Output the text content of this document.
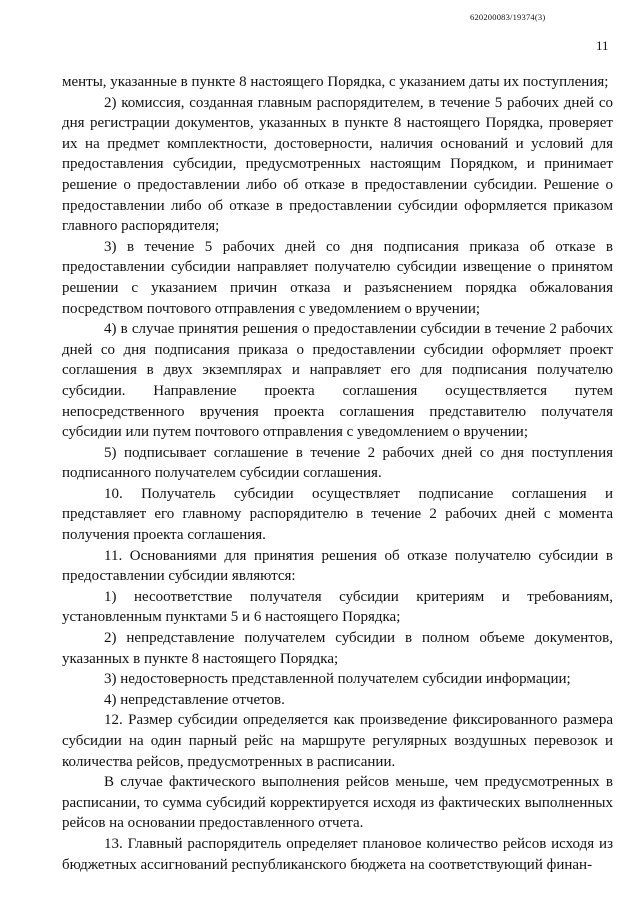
620200083/19374(3)
11

менты, указанные в пункте 8 настоящего Порядка, с указанием даты их поступления;

2) комиссия, созданная главным распорядителем, в течение 5 рабочих дней со дня регистрации документов, указанных в пункте 8 настоящего Порядка, проверяет их на предмет комплектности, достоверности, наличия оснований и условий для предоставления субсидии, предусмотренных настоящим Порядком, и принимает решение о предоставлении либо об отказе в предоставлении субсидии. Решение о предоставлении либо об отказе в предоставлении субсидии оформляется приказом главного распорядителя;

3) в течение 5 рабочих дней со дня подписания приказа об отказе в предоставлении субсидии направляет получателю субсидии извещение о принятом решении с указанием причин отказа и разъяснением порядка обжалования посредством почтового отправления с уведомлением о вручении;

4) в случае принятия решения о предоставлении субсидии в течение 2 рабочих дней со дня подписания приказа о предоставлении субсидии оформляет проект соглашения в двух экземплярах и направляет его для подписания получателю субсидии. Направление проекта соглашения осуществляется путем непосредственного вручения проекта соглашения представителю получателя субсидии или путем почтового отправления с уведомлением о вручении;

5) подписывает соглашение в течение 2 рабочих дней со дня поступления подписанного получателем субсидии соглашения.

10. Получатель субсидии осуществляет подписание соглашения и представляет его главному распорядителю в течение 2 рабочих дней с момента получения проекта соглашения.

11. Основаниями для принятия решения об отказе получателю субсидии в предоставлении субсидии являются:

1) несоответствие получателя субсидии критериям и требованиям, установленным пунктами 5 и 6 настоящего Порядка;

2) непредставление получателем субсидии в полном объеме документов, указанных в пункте 8 настоящего Порядка;

3) недостоверность представленной получателем субсидии информации;

4) непредставление отчетов.

12. Размер субсидии определяется как произведение фиксированного размера субсидии на один парный рейс на маршруте регулярных воздушных перевозок и количества рейсов, предусмотренных в расписании.

В случае фактического выполнения рейсов меньше, чем предусмотренных в расписании, то сумма субсидий корректируется исходя из фактических выполненных рейсов на основании предоставленного отчета.

13. Главный распорядитель определяет плановое количество рейсов исходя из бюджетных ассигнований республиканского бюджета на соответствующий финан-
